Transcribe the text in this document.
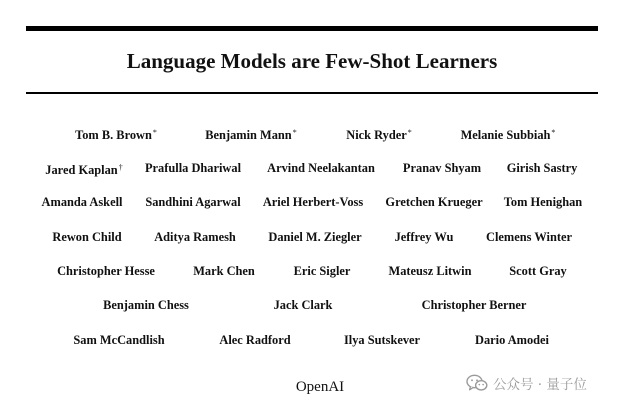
Language Models are Few-Shot Learners
Tom B. Brown*	Benjamin Mann*	Nick Ryder*	Melanie Subbiah*
Jared Kaplan† Prafulla Dhariwal Arvind Neelakantan Pranav Shyam Girish Sastry
Amanda Askell Sandhini Agarwal Ariel Herbert-Voss Gretchen Krueger Tom Henighan
Rewon Child	Aditya Ramesh	Daniel M. Ziegler	Jeffrey Wu	Clemens Winter
Christopher Hesse	Mark Chen	Eric Sigler	Mateusz Litwin	Scott Gray
Benjamin Chess	Jack Clark	Christopher Berner
Sam McCandlish	Alec Radford	Ilya Sutskever	Dario Amodei
OpenAI	公众号 · 量子位
